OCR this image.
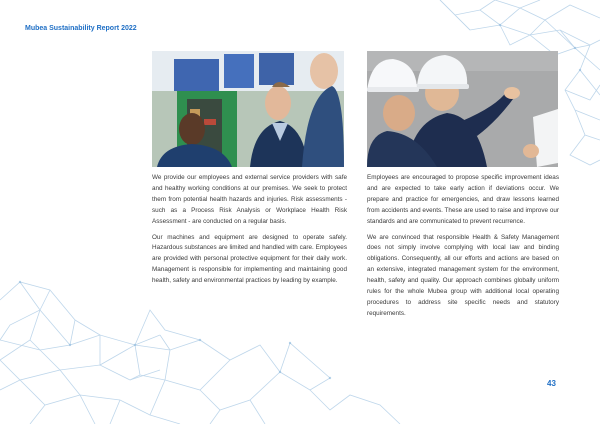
Mubea Sustainability Report 2022

We provide our employees and external service providers with safe and healthy working conditions at our premises. We seek to protect them from potential health hazards and injuries. Risk assessments - such as a Process Risk Analysis or Workplace Health Risk Assessment - are conducted on a regular basis.

Our machines and equipment are designed to operate safely. Hazardous substances are limited and handled with care. Employees are provided with personal protective equipment for their daily work. Management is responsible for implementing and maintaining good health, safety and environmental practices by leading by example.

Employees are encouraged to propose specific improvement ideas and are expected to take early action if deviations occur. We prepare and practice for emergencies, and draw lessons learned from accidents and events. These are used to raise and improve our standards and are communicated to prevent recurrence.

We are convinced that responsible Health & Safety Management does not simply involve complying with local law and binding obligations. Consequently, all our efforts and actions are based on an extensive, integrated management system for the environment, health, safety and quality. Our approach combines globally uniform rules for the whole Mubea group with additional local operating procedures to address site specific needs and statutory requirements.

43
